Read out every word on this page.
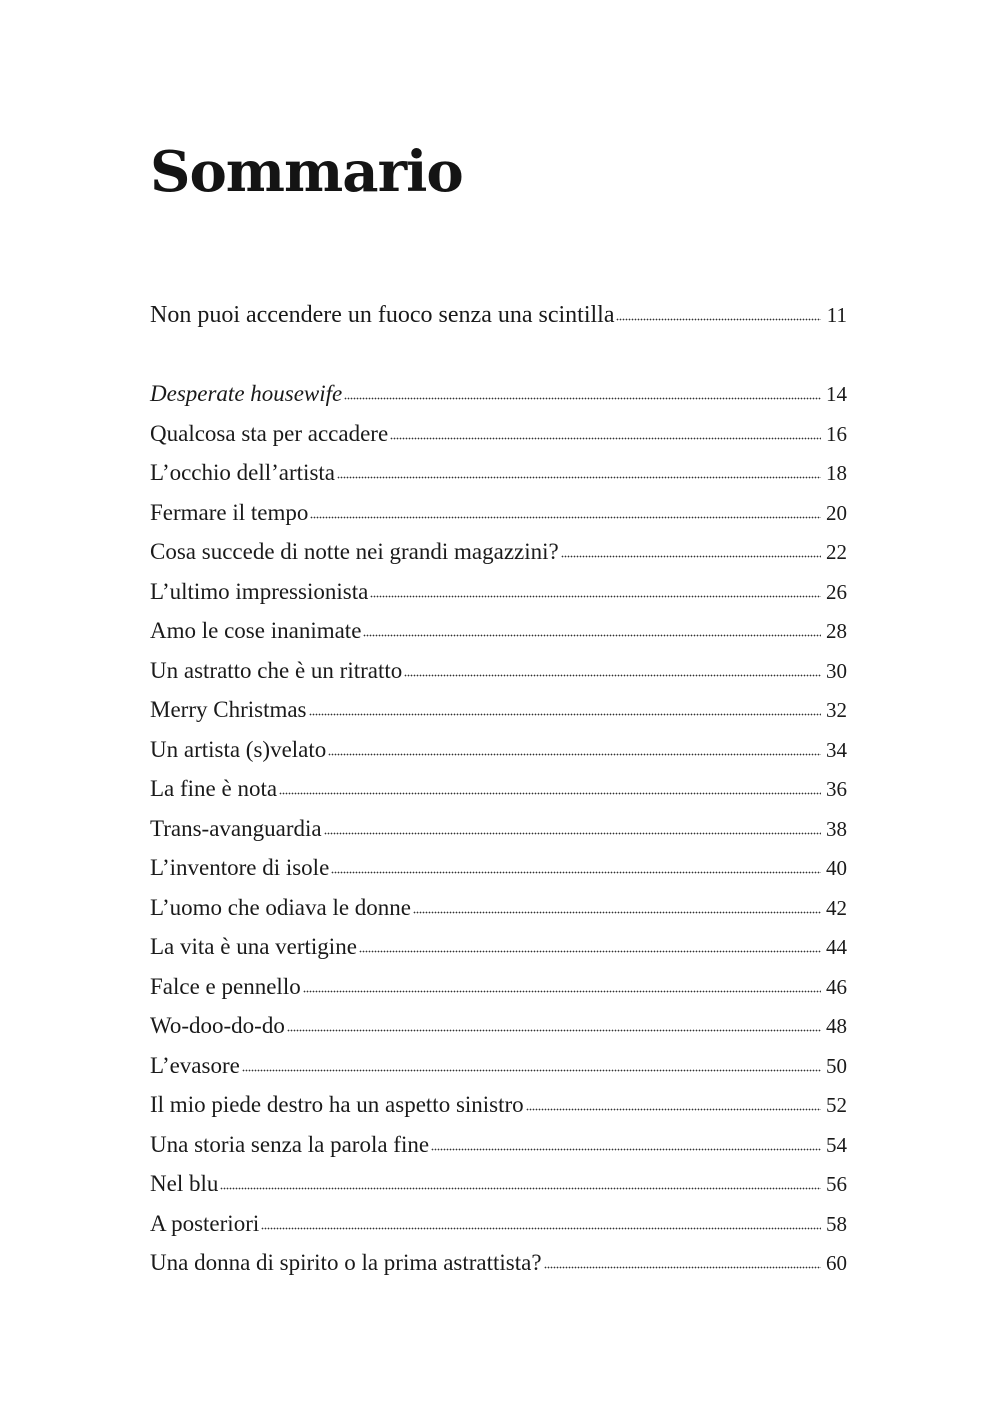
Sommario
Non puoi accendere un fuoco senza una scintilla	11
Desperate housewife	14
Qualcosa sta per accadere	16
L’occhio dell’artista	18
Fermare il tempo	20
Cosa succede di notte nei grandi magazzini?	22
L’ultimo impressionista	26
Amo le cose inanimate	28
Un astratto che è un ritratto	30
Merry Christmas	32
Un artista (s)velato	34
La fine è nota	36
Trans-avanguardia	38
L’inventore di isole	40
L’uomo che odiava le donne	42
La vita è una vertigine	44
Falce e pennello	46
Wo-doo-do-do	48
L’evasore	50
Il mio piede destro ha un aspetto sinistro	52
Una storia senza la parola fine	54
Nel blu	56
A posteriori	58
Una donna di spirito o la prima astrattista?	60
